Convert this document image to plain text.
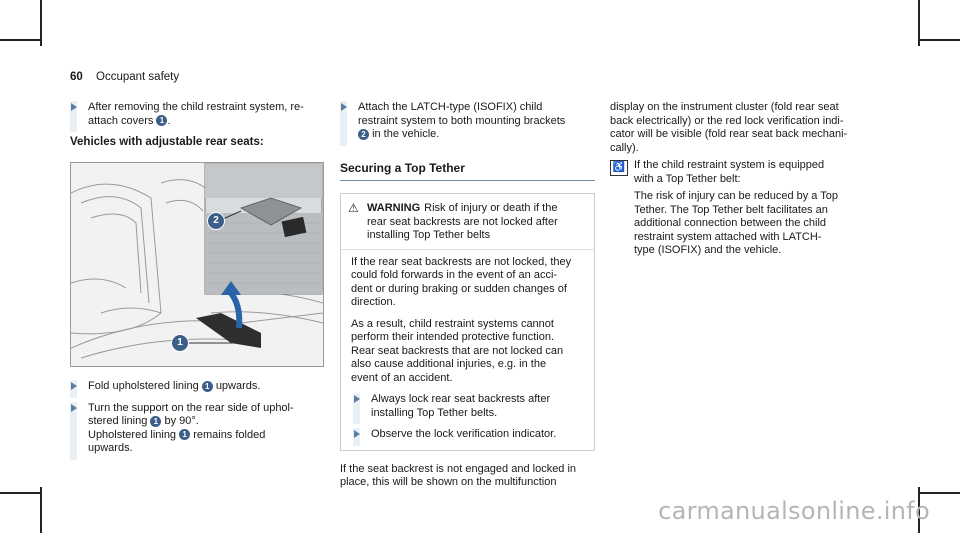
60 Occupant safety
After removing the child restraint system, re-
attach covers 1 .
Vehicles with adjustable rear seats:
2
1
Fold upholstered lining 1 upwards.
Turn the support on the rear side of uphol-
stered lining 1 by 90°.
Upholstered lining 1 remains folded
upwards.
Attach the LATCH-type (ISOFIX) child
restraint system to both mounting brackets
2 in the vehicle.
Securing a Top Tether
⚠ WARNING Risk of injury or death if the
rear seat backrests are not locked after
installing Top Tether belts

If the rear seat backrests are not locked, they
could fold forwards in the event of an acci-
dent or during braking or sudden changes of
direction.

As a result, child restraint systems cannot
perform their intended protective function.
Rear seat backrests that are not locked can
also cause additional injuries, e.g. in the
event of an accident.

Always lock rear seat backrests after
installing Top Tether belts.
Observe the lock verification indicator.
If the seat backrest is not engaged and locked in
place, this will be shown on the multifunction
display on the instrument cluster (fold rear seat
back electrically) or the red lock verification indi-
cator will be visible (fold rear seat back mechani-
cally).
♿ If the child restraint system is equipped
with a Top Tether belt:
The risk of injury can be reduced by a Top
Tether. The Top Tether belt facilitates an
additional connection between the child
restraint system attached with LATCH-
type (ISOFIX) and the vehicle.
carmanualsonline.info
